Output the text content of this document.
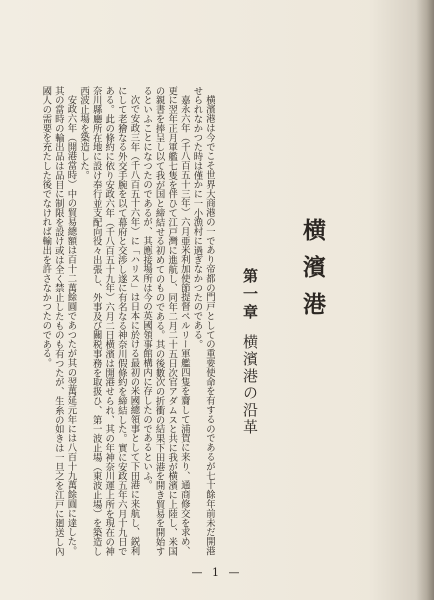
横濱港
第一章横濱港の沿革

横濱港は今でこそ世界大商港の一であり帝都の門戸としての重要使命を有するのであるが七十餘年前未だ開港せられなかつた時は僅かに一小漁村に過ぎなかつたのである。

嘉永六年（千八百五十三年）六月亜米利加使節提督ペルリー軍艦四隻を齎して浦賀に来り、通商修交を求め、更に翌年正月軍艦七隻を伴ひて江戸灣に進航し、同年二月二十五日次官アダムスと共に我が横濱に上陸し、米国の親書を捧呈し以て我が国と締結せる初めてのものである。其の後數次の折衝の結果下田港を開き貿易を開始するといふことになつたのであるが、其應接場所は今の英國領事館構内に存したのであるといふ。

次で安政三年（千八百五十六年）に「ハリス」は日本に於ける最初の米國總領事として下田港に来航し、鋭利にして老獪なる外交手腕を以て幕府と交渉し遂に有名なる神奈川假條約を締結した。實に安政五年六月十九日である。此の條約に依り安政六年（千八百五十九年）六月二日横濱は開港せられ、其の年神奈川運上所を現在の神奈川縣廳所在地に設け奉行並支配向役々出張し、外事及び關税事務を取扱ひ、第一波止場（東波止場）を築造し西波止場を築造した。

安政六年（開港當時）中の貿易總額は百十二萬餘圓であつたが其の翌萬延元年には八百十九萬餘圓に達した。其の當時の輸出品は品目に制限を設け或は全く禁止したものも有つたが、生糸の如きは一旦之を江戸に廻送し內國人の需要を充たした後でなければ輸出を許さなかつたのである。

— 1 —
